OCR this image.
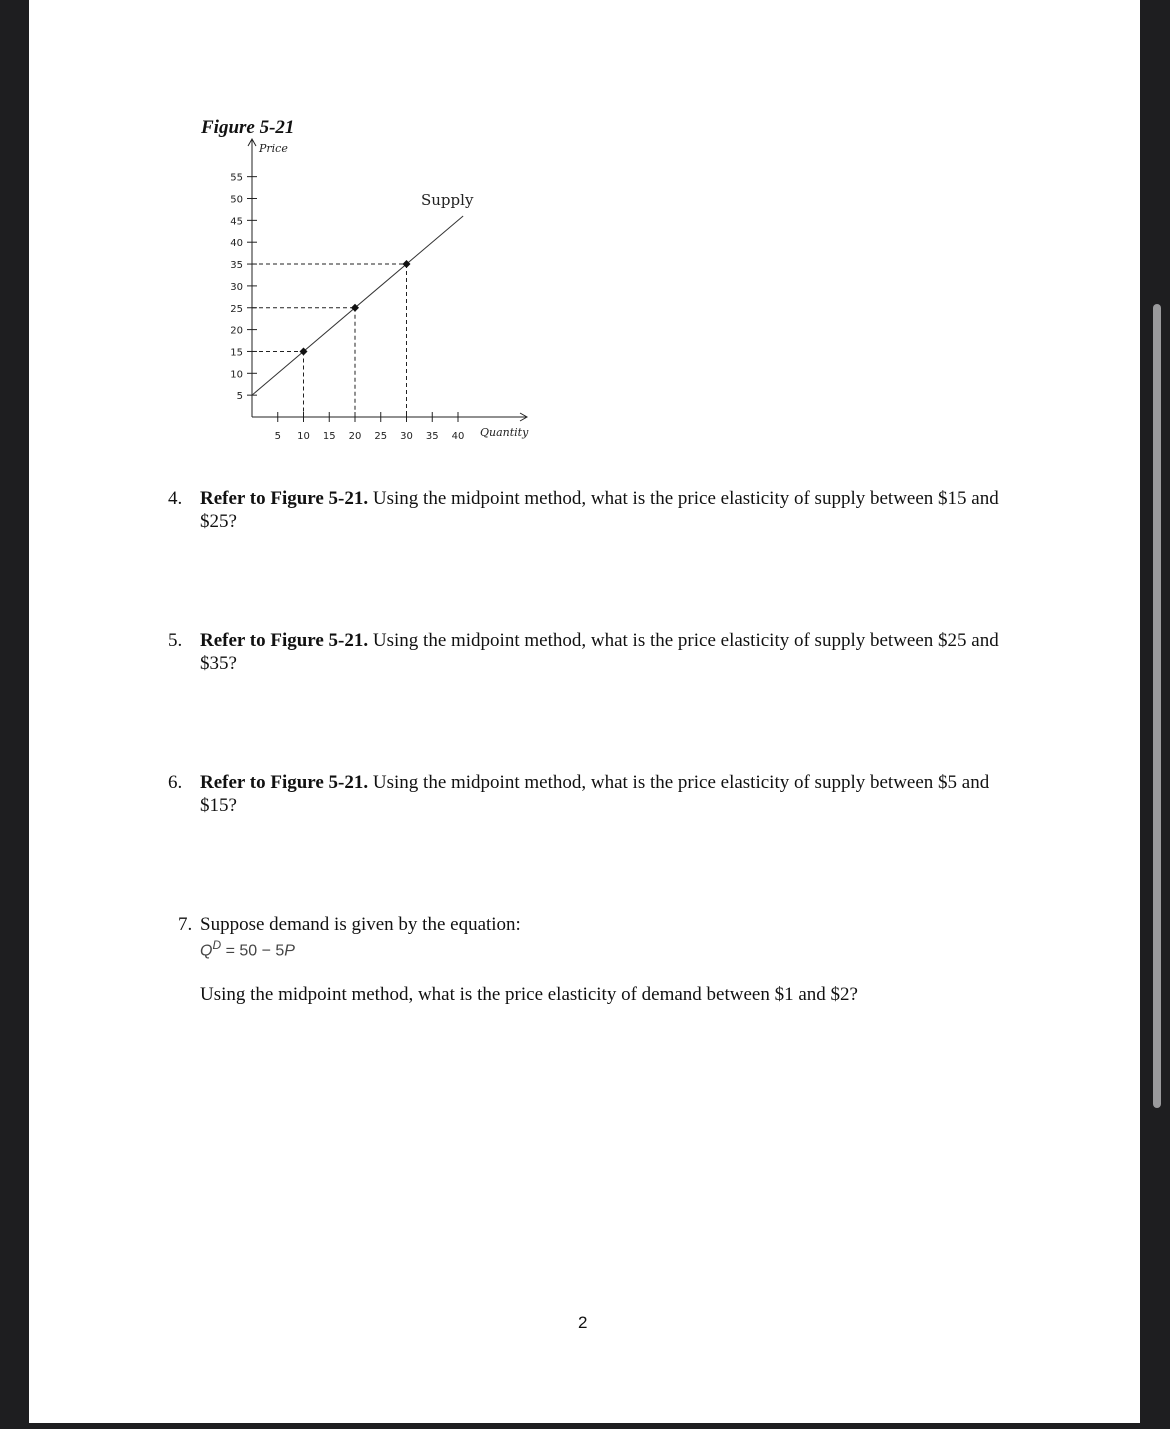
Figure 5-21
Price
Quantity
5
10
15
20
25
30
35
40
45
50
55
5 10 15 20 25 30 35 40
Supply
4. Refer to Figure 5-21. Using the midpoint method, what is the price elasticity of supply between $15 and $25?
5. Refer to Figure 5-21. Using the midpoint method, what is the price elasticity of supply between $25 and $35?
6. Refer to Figure 5-21. Using the midpoint method, what is the price elasticity of supply between $5 and $15?
7. Suppose demand is given by the equation:
$Q^D = 50 - 5P$
Using the midpoint method, what is the price elasticity of demand between $1 and $2?
2
